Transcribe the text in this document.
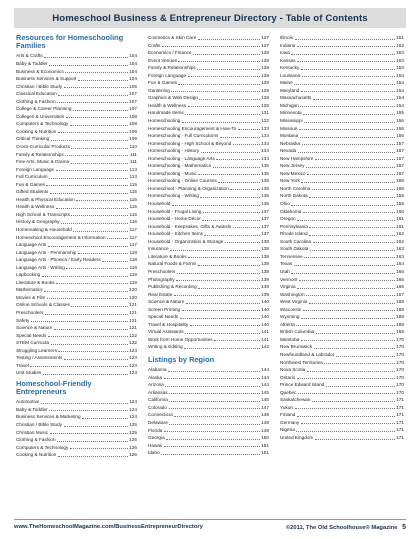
Homeschool Business & Entrepreneur Directory - Table of Contents
Resources for Homeschooling Families
Arts & Crafts	104
Baby & Toddler	104
Business & Economics	104
Business Services & Support	104
Christian / Bible Study	105
Classical Education	107
Clothing & Fashion	107
College & Career Planning	107
Colleges & Universities	108
Computers & Technology	108
Cooking & Nutrition	109
Critical Thinking	109
Cross-Curricular Products	110
Family & Relationships	111
Fine Arts, Music & Drama	111
Foreign Language	113
Full Curriculum	113
Fun & Games	115
Gifted Students	115
Health & Physical Education	115
Health & Wellness	115
High School & Transcripts	115
History & Geography	116
Homemaking & Household	117
Homeschool Encouragement & Information	117
Language Arts	117
Language Arts - Penmanship	118
Language Arts - Phonics / Early Readers	118
Language Arts - Writing	119
Lapbooking	119
Literature & Books	119
Mathematics	120
Movies & Film	120
Online Schools & Classes	121
Preschoolers	121
Safety	121
Science & Nature	121
Special Needs	122
STEM Curricula	122
Struggling Learners	123
Testing / Assessments	123
Travel	123
Unit Studies	123
Homeschool-Friendly Entrepreneurs
Automotive	124
Baby & Toddler	124
Business Services & Marketing	124
Christian / Bible Study	125
Christian Music	125
Clothing & Fashion	126
Computers & Technology	126
Cooking & Nutrition	126
Cosmetics & Skin Care	127
Crafts	127
Economics / Finance	128
Event Venues	128
Family & Relationships	128
Foreign Language	128
Fun & Games	128
Gardening	129
Graphics & Web Design	129
Health & Wellness	129
Handmade Items	131
Homeschooling	132
Homeschooling Encouragement & How-To	133
Homeschooling - Full Curriculums	134
Homeschooling - High School & Beyond	134
Homeschooling - History	134
Homeschooling - Language Arts	134
Homeschooling - Mathematics	135
Homeschooling - Music	135
Homeschooling - Online Courses	135
Homeschool - Planning & Organization	135
Homeschooling - Writing	136
Household	136
Household - Frugal Living	137
Household - Home Décor	137
Household - Keepsakes, Gifts & Awards	137
Household - Kitchen Items	137
Household - Organization & Storage	138
Insurance	138
Literature & Books	138
Natural Foods & Farms	138
Preschoolers	138
Photography	139
Publishing & Recording	139
Real Estate	139
Science & Nature	140
Screen Printing	140
Special Needs	140
Travel & Hospitality	140
Virtual Assistants	141
Work from Home Opportunities	141
Writing & Editing	142
Listings by Region
Alabama	144
Alaska	144
Arizona	144
Arkansas	145
California	145
Colorado	147
Connecticut	148
Delaware	148
Florida	148
Georgia	150
Hawaii	151
Idaho	151
Illinois	151
Indiana	152
Iowa	153
Kansas	153
Kentucky	153
Louisiana	154
Maine	154
Maryland	154
Massachusetts	154
Michigan	154
Minnesota	155
Mississippi	156
Missouri	156
Montana	156
Nebraska	157
Nevada	157
New Hampshire	157
New Jersey	157
New Mexico	157
New York	158
North Carolina	158
North Dakota	159
Ohio	159
Oklahoma	160
Oregon	161
Pennsylvania	161
Rhode Island	162
South Carolina	162
South Dakota	163
Tennessee	163
Texas	164
Utah	166
Vermont	166
Virginia	166
Washington	167
West Virginia	168
Wisconsin	168
Wyoming	169
Alberta	169
British Columbia	169
Manitoba	170
New Brunswick	170
Newfoundland & Labrador	170
Northwest Territories	170
Nova Scotia	170
Ontario	170
Prince Edward Island	170
Quebec	170
Saskatchewan	171
Yukon	171
Finland	171
Germany	171
Nigeria	171
United Kingdom	171
www.TheHomeschoolMagazine.com/BusinessEntrepreneurDirectory	©2011, The Old Schoolhouse® Magazine 5
